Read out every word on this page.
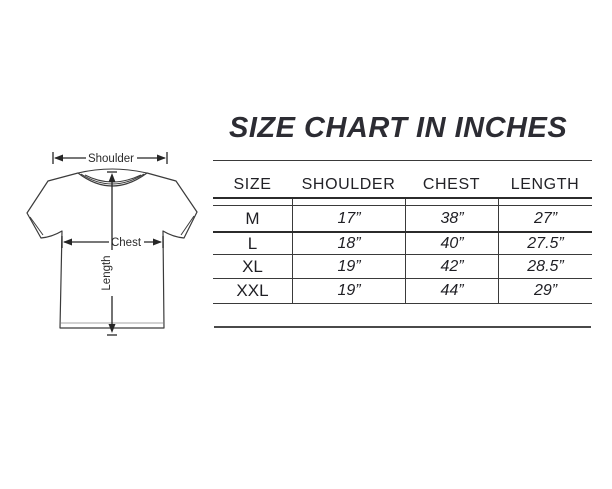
Shoulder
Chest
Length
SIZE CHART IN INCHES
SIZE	SHOULDER	CHEST	LENGTH
M	17”	38”	27”
L	18”	40”	27.5”
XL	19”	42”	28.5”
XXL	19”	44”	29”
